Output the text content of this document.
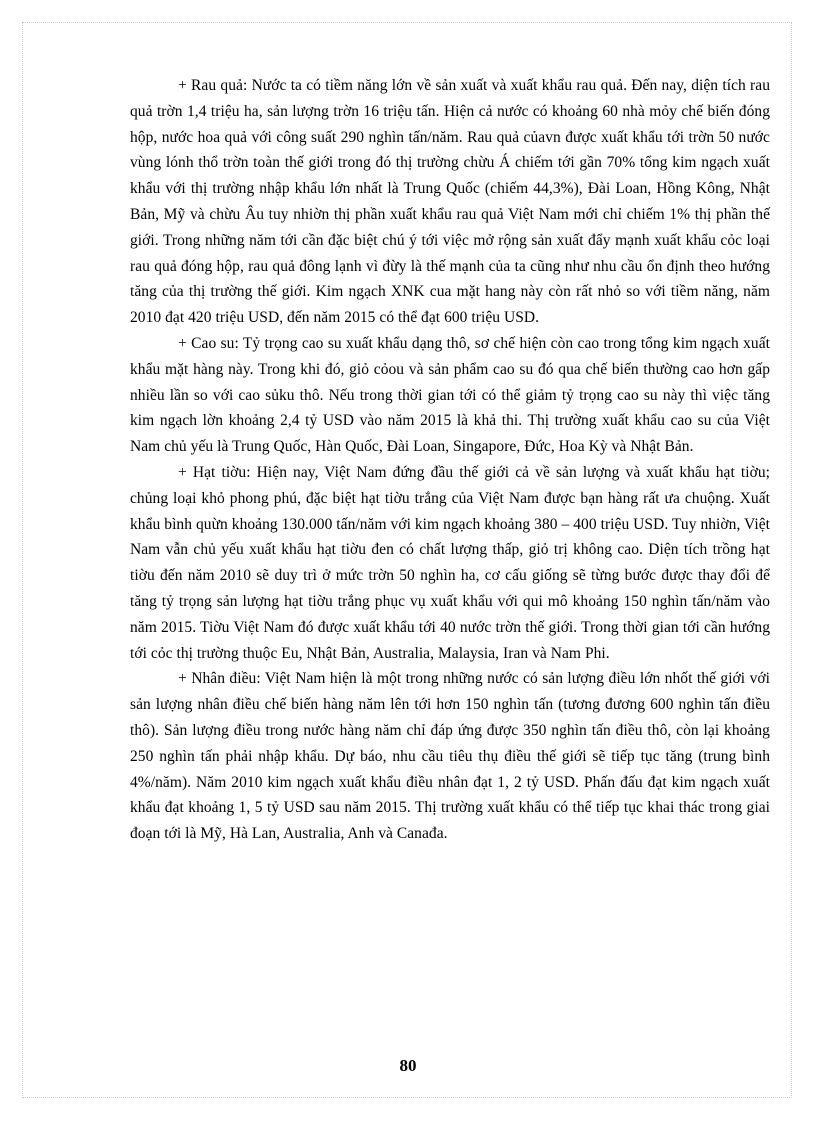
+ Rau quả: Nước ta có tiềm năng lớn về sản xuất và xuất khẩu rau quả. Đến nay, diện tích rau quả trờn 1,4 triệu ha, sản lượng trờn 16 triệu tấn. Hiện cả nước có khoảng 60 nhà mỏy chế biến đóng hộp, nước hoa quả với công suất 290 nghìn tấn/năm. Rau quả củavn được xuất khẩu tới trờn 50 nước vùng lónh thổ trờn toàn thế giới trong đó thị trường chừu Á chiếm tới gần 70% tổng kim ngạch xuất khẩu với thị trường nhập khẩu lớn nhất là Trung Quốc (chiếm 44,3%), Đài Loan, Hồng Kông, Nhật Bản, Mỹ và chừu Âu tuy nhiờn thị phần xuất khẩu rau quả Việt Nam mới chỉ chiếm 1% thị phần thế giới. Trong những năm tới cần đặc biệt chú ý tới việc mở rộng sản xuất đẩy mạnh xuất khẩu cỏc loại rau quả đóng hộp, rau quả đông lạnh vì đừy là thế mạnh của ta cũng như nhu cầu ổn định theo hướng tăng của thị trường thế giới. Kim ngạch XNK cua mặt hang này còn rất nhỏ so với tiềm năng, năm 2010 đạt 420 triệu USD, đến năm 2015 có thể đạt 600 triệu USD.

+ Cao su: Tỷ trọng cao su xuất khẩu dạng thô, sơ chế hiện còn cao trong tổng kim ngạch xuất khẩu mặt hàng này. Trong khi đó, giỏ cỏou và sản phẩm cao su đó qua chế biến thường cao hơn gấp nhiều lần so với cao sủku thô. Nếu trong thời gian tới có thể giảm tỷ trọng cao su này thì việc tăng kim ngạch lờn khoảng 2,4 tỷ USD vào năm 2015 là khả thi. Thị trường xuất khẩu cao su của Việt Nam chủ yếu là Trung Quốc, Hàn Quốc, Đài Loan, Singapore, Đức, Hoa Kỳ và Nhật Bản.

+ Hạt tiờu: Hiện nay, Việt Nam đứng đầu thế giới cả về sản lượng và xuất khẩu hạt tiờu; chủng loại khỏ phong phú, đặc biệt hạt tiờu trắng của Việt Nam được bạn hàng rất ưa chuộng. Xuất khẩu bình quừn khoảng 130.000 tấn/năm với kim ngạch khoảng 380 – 400 triệu USD. Tuy nhiờn, Việt Nam vẫn chủ yếu xuất khẩu hạt tiờu đen có chất lượng thấp, giỏ trị không cao. Diện tích trồng hạt tiờu đến năm 2010 sẽ duy trì ở mức trờn 50 nghìn ha, cơ cấu giống sẽ từng bước được thay đổi để tăng tỷ trọng sản lượng hạt tiờu trắng phục vụ xuất khẩu với qui mô khoảng 150 nghìn tấn/năm vào năm 2015. Tiờu Việt Nam đó được xuất khẩu tới 40 nước trờn thế giới. Trong thời gian tới cần hướng tới cỏc thị trường thuộc Eu, Nhật Bản, Australia, Malaysia, Iran và Nam Phi.

+ Nhân điều: Việt Nam hiện là một trong những nước có sản lượng điều lớn nhốt thế giới với sản lượng nhân điều chế biến hàng năm lên tới hơn 150 nghìn tấn (tương đương 600 nghìn tấn điều thô). Sản lượng điều trong nước hàng năm chỉ đáp ứng được 350 nghìn tấn điều thô, còn lại khoảng 250 nghìn tấn phải nhập khẩu. Dự báo, nhu cầu tiêu thụ điều thế giới sẽ tiếp tục tăng (trung bình 4%/năm). Năm 2010 kim ngạch xuất khẩu điều nhân đạt 1, 2 tỷ USD. Phấn đấu đạt kim ngạch xuất khẩu đạt khoảng 1, 5 tỷ USD sau năm 2015. Thị trường xuất khẩu có thể tiếp tục khai thác trong giai đoạn tới là Mỹ, Hà Lan, Australia, Anh và Canađa.

80
